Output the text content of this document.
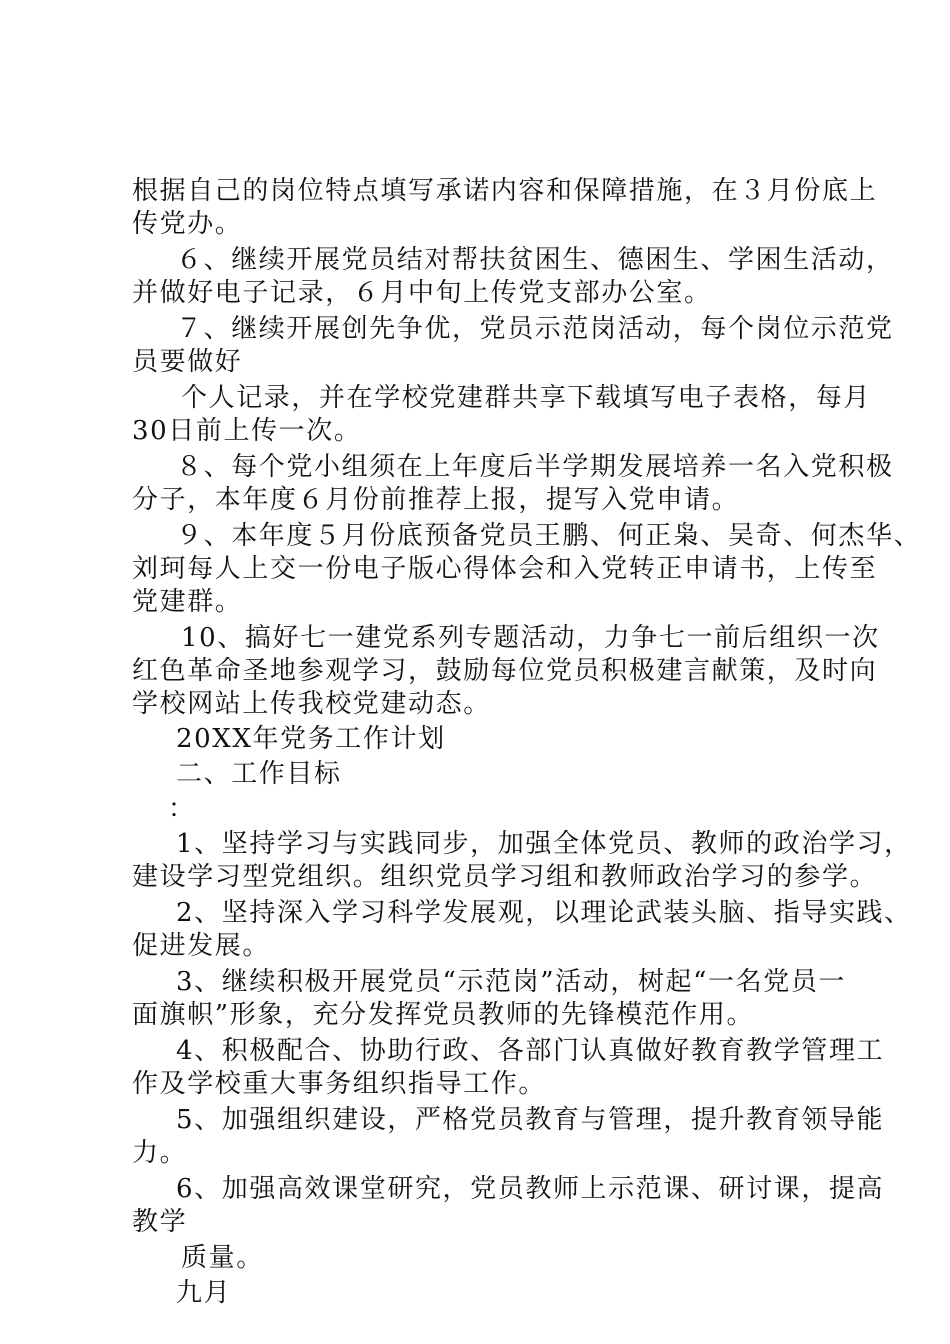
根据自己的岗位特点填写承诺内容和保障措施，在３月份底上
传党办。
６、继续开展党员结对帮扶贫困生、德困生、学困生活动，
并做好电子记录，６月中旬上传党支部办公室。
７、继续开展创先争优，党员示范岗活动，每个岗位示范党
员要做好
个人记录，并在学校党建群共享下载填写电子表格，每月
30日前上传一次。
８、每个党小组须在上年度后半学期发展培养一名入党积极
分子，本年度６月份前推荐上报，提写入党申请。
９、本年度５月份底预备党员王鹏、何正枭、吴奇、何杰华、
刘珂每人上交一份电子版心得体会和入党转正申请书，上传至
党建群。
10、搞好七一建党系列专题活动，力争七一前后组织一次
红色革命圣地参观学习，鼓励每位党员积极建言献策，及时向
学校网站上传我校党建动态。
20XX年党务工作计划
二、工作目标
：
1、坚持学习与实践同步，加强全体党员、教师的政治学习，
建设学习型党组织。组织党员学习组和教师政治学习的参学。
2、坚持深入学习科学发展观，以理论武装头脑、指导实践、
促进发展。
3、继续积极开展党员“示范岗”活动，树起“一名党员一
面旗帜”形象，充分发挥党员教师的先锋模范作用。
4、积极配合、协助行政、各部门认真做好教育教学管理工
作及学校重大事务组织指导工作。
5、加强组织建设，严格党员教育与管理，提升教育领导能
力。
6、加强高效课堂研究，党员教师上示范课、研讨课，提高
教学
质量。
九月
